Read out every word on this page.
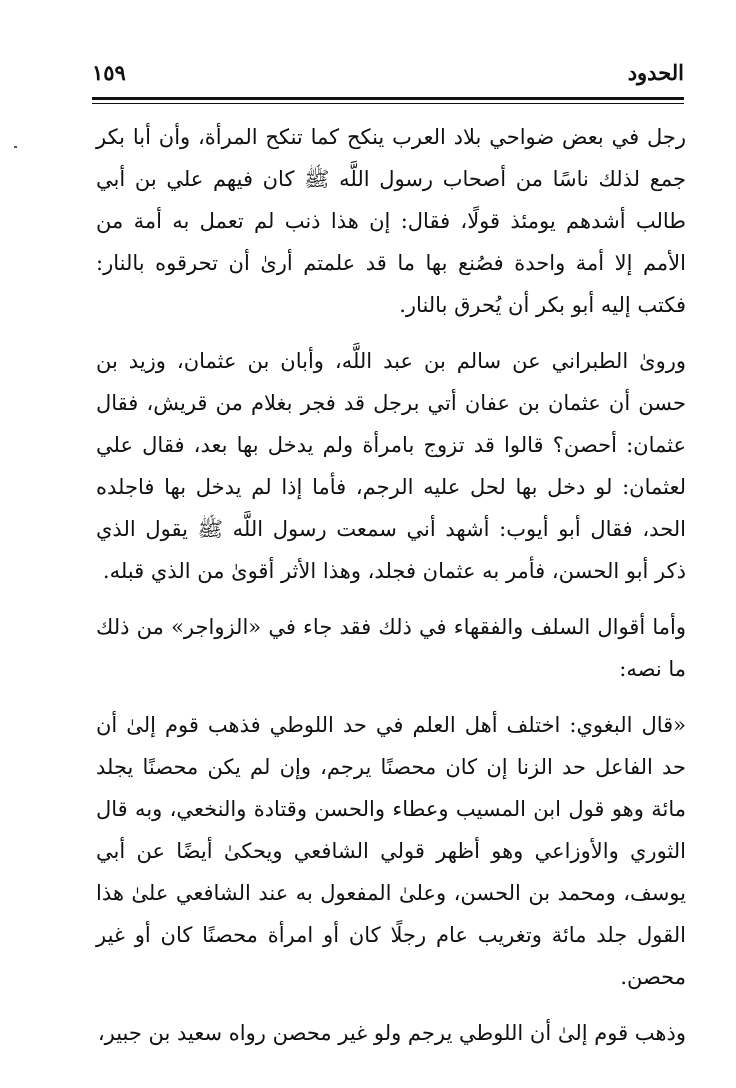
الحدود
١٥٩

رجل في بعض ضواحي بلاد العرب ينكح كما تنكح المرأة، وأن أبا بكر جمع لذلك ناسًا من أصحاب رسول اللَّه ﷺ كان فيهم علي بن أبي طالب أشدهم يومئذ قولًا، فقال: إن هذا ذنب لم تعمل به أمة من الأمم إلا أمة واحدة فصُنع بها ما قد علمتم أرىٰ أن تحرقوه بالنار: فكتب إليه أبو بكر أن يُحرق بالنار.

وروىٰ الطبراني عن سالم بن عبد اللَّه، وأبان بن عثمان، وزيد بن حسن أن عثمان بن عفان أتي برجل قد فجر بغلام من قريش، فقال عثمان: أحصن؟ قالوا قد تزوج بامرأة ولم يدخل بها بعد، فقال علي لعثمان: لو دخل بها لحل عليه الرجم، فأما إذا لم يدخل بها فاجلده الحد، فقال أبو أيوب: أشهد أني سمعت رسول اللَّه ﷺ يقول الذي ذكر أبو الحسن، فأمر به عثمان فجلد، وهذا الأثر أقوىٰ من الذي قبله.

وأما أقوال السلف والفقهاء في ذلك فقد جاء في «الزواجر» من ذلك ما نصه:

«قال البغوي: اختلف أهل العلم في حد اللوطي فذهب قوم إلىٰ أن حد الفاعل حد الزنا إن كان محصنًا يرجم، وإن لم يكن محصنًا يجلد مائة وهو قول ابن المسيب وعطاء والحسن وقتادة والنخعي، وبه قال الثوري والأوزاعي وهو أظهر قولي الشافعي ويحكىٰ أيضًا عن أبي يوسف، ومحمد بن الحسن، وعلىٰ المفعول به عند الشافعي علىٰ هذا القول جلد مائة وتغريب عام رجلًا كان أو امرأة محصنًا كان أو غير محصن.

وذهب قوم إلىٰ أن اللوطي يرجم ولو غير محصن رواه سعيد بن جبير،
